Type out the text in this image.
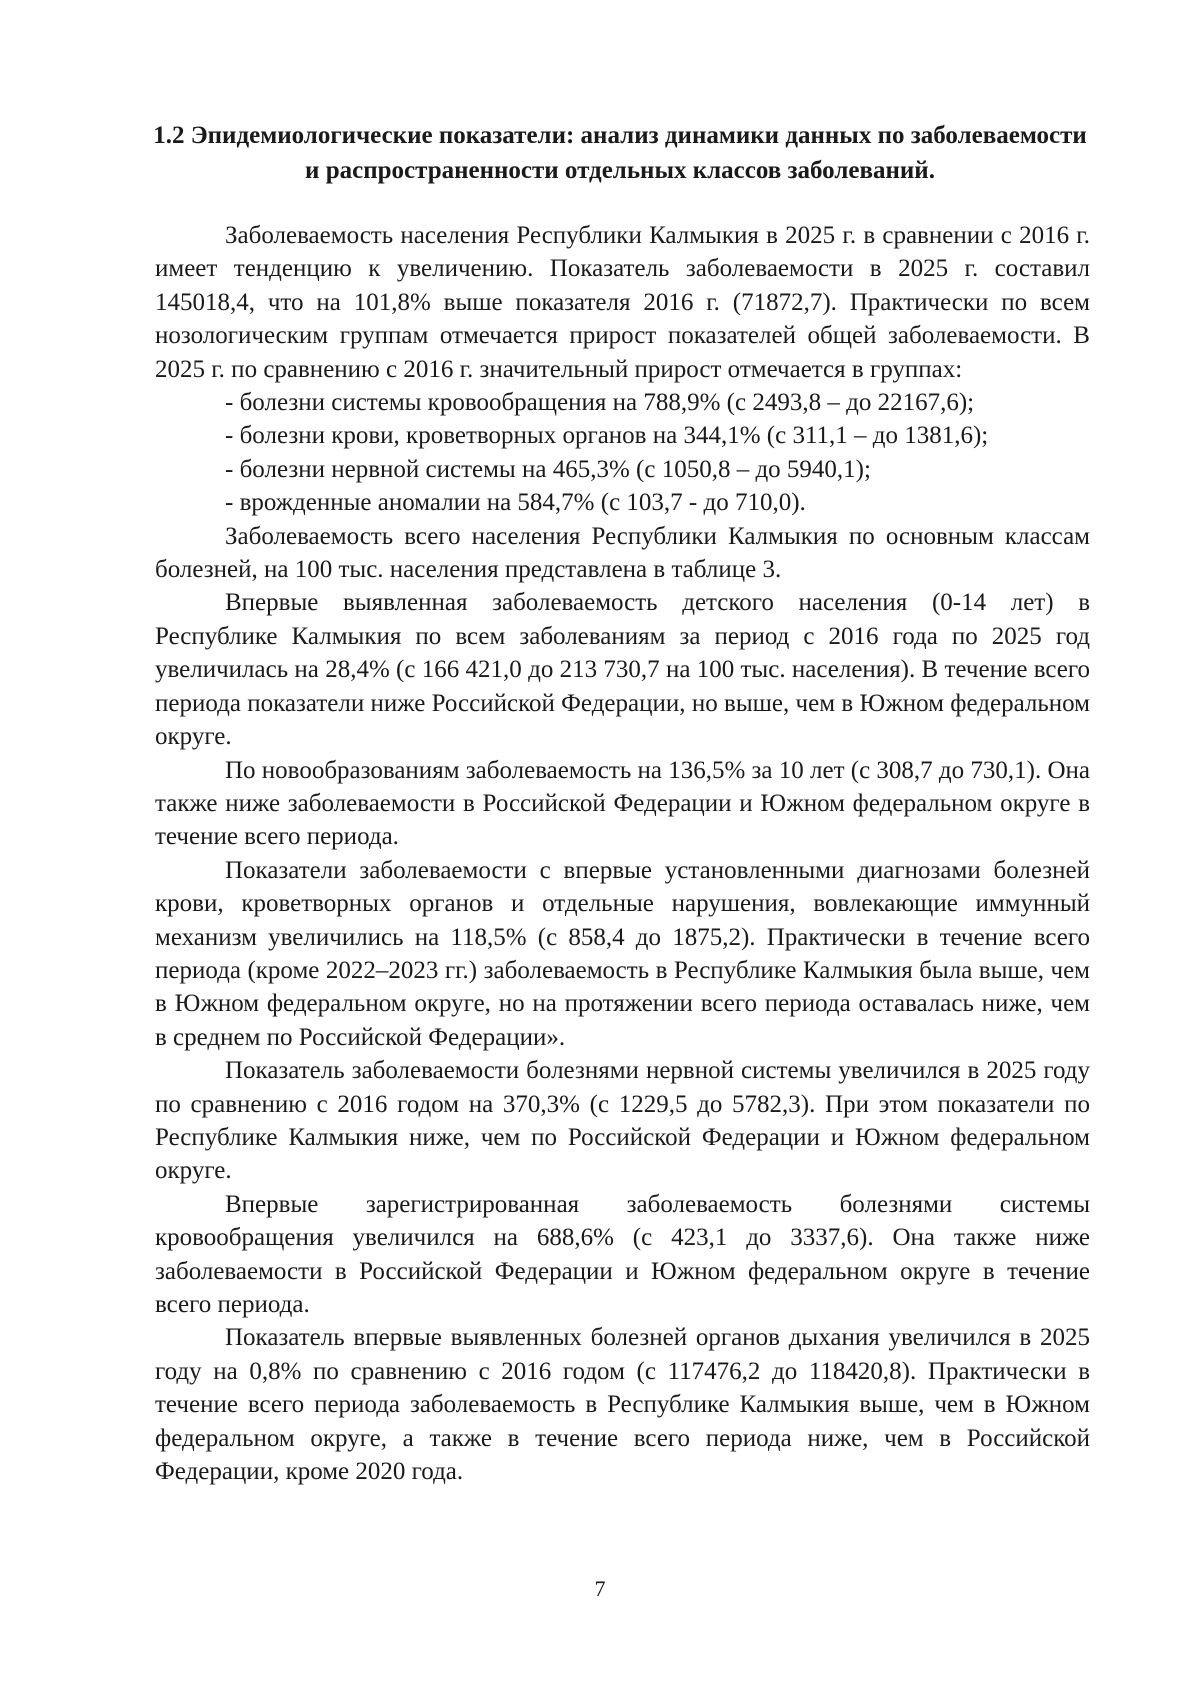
1.2 Эпидемиологические показатели: анализ динамики данных по заболеваемости и распространенности отдельных классов заболеваний.

Заболеваемость населения Республики Калмыкия в 2025 г. в сравнении с 2016 г. имеет тенденцию к увеличению. Показатель заболеваемости в 2025 г. составил 145018,4, что на 101,8% выше показателя 2016 г. (71872,7). Практически по всем нозологическим группам отмечается прирост показателей общей заболеваемости. В 2025 г. по сравнению с 2016 г. значительный прирост отмечается в группах:

- болезни системы кровообращения на 788,9% (с 2493,8 – до 22167,6);
- болезни крови, кроветворных органов на 344,1% (с 311,1 – до 1381,6);
- болезни нервной системы на 465,3% (с 1050,8 – до 5940,1);
- врожденные аномалии на 584,7% (с 103,7 - до 710,0).

Заболеваемость всего населения Республики Калмыкия по основным классам болезней, на 100 тыс. населения представлена в таблице 3.

Впервые выявленная заболеваемость детского населения (0-14 лет) в Республике Калмыкия по всем заболеваниям за период с 2016 года по 2025 год увеличилась на 28,4% (с 166 421,0 до 213 730,7 на 100 тыс. населения). В течение всего периода показатели ниже Российской Федерации, но выше, чем в Южном федеральном округе.

По новообразованиям заболеваемость на 136,5% за 10 лет (с 308,7 до 730,1). Она также ниже заболеваемости в Российской Федерации и Южном федеральном округе в течение всего периода.

Показатели заболеваемости с впервые установленными диагнозами болезней крови, кроветворных органов и отдельные нарушения, вовлекающие иммунный механизм увеличились на 118,5% (с 858,4 до 1875,2). Практически в течение всего периода (кроме 2022–2023 гг.) заболеваемость в Республике Калмыкия была выше, чем в Южном федеральном округе, но на протяжении всего периода оставалась ниже, чем в среднем по Российской Федерации».

Показатель заболеваемости болезнями нервной системы увеличился в 2025 году по сравнению с 2016 годом на 370,3% (с 1229,5 до 5782,3). При этом показатели по Республике Калмыкия ниже, чем по Российской Федерации и Южном федеральном округе.

Впервые зарегистрированная заболеваемость болезнями системы кровообращения увеличился на 688,6% (с 423,1 до 3337,6). Она также ниже заболеваемости в Российской Федерации и Южном федеральном округе в течение всего периода.

Показатель впервые выявленных болезней органов дыхания увеличился в 2025 году на 0,8% по сравнению с 2016 годом (с 117476,2 до 118420,8). Практически в течение всего периода заболеваемость в Республике Калмыкия выше, чем в Южном федеральном округе, а также в течение всего периода ниже, чем в Российской Федерации, кроме 2020 года.

7
